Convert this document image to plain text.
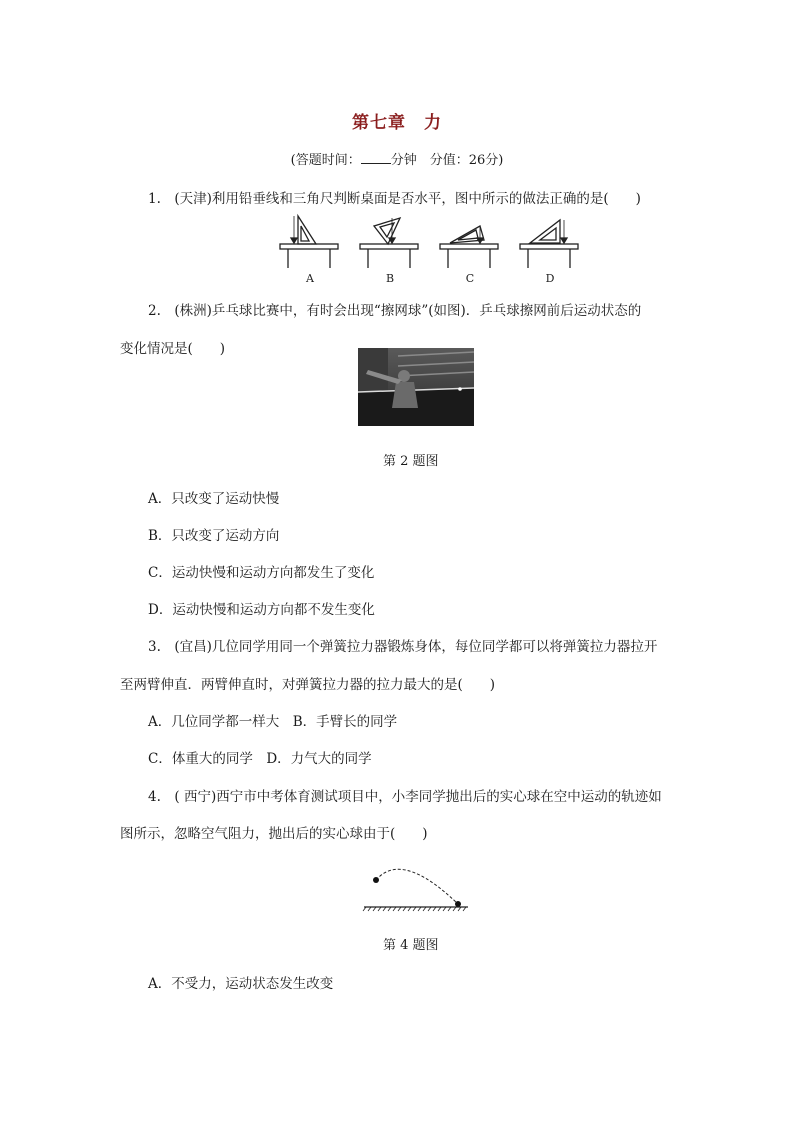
第七章　力
(答题时间： 分钟　分值：26分)
1.　(天津)利用铅垂线和三角尺判断桌面是否水平，图中所示的做法正确的是(　　)
A	B	C	D
2.　(株洲)乒乓球比赛中，有时会出现“擦网球”(如图)．乒乓球擦网前后运动状态的
变化情况是(　　)
第 2 题图
A．只改变了运动快慢
B．只改变了运动方向
C．运动快慢和运动方向都发生了变化
D．运动快慢和运动方向都不发生变化
3.　(宜昌)几位同学用同一个弹簧拉力器锻炼身体，每位同学都可以将弹簧拉力器拉开
至两臂伸直．两臂伸直时，对弹簧拉力器的拉力最大的是(　　)
A．几位同学都一样大　B．手臂长的同学
C．体重大的同学　D．力气大的同学
4.　( 西宁)西宁市中考体育测试项目中，小李同学抛出后的实心球在空中运动的轨迹如
图所示，忽略空气阻力，抛出后的实心球由于(　　)
第 4 题图
A．不受力，运动状态发生改变
